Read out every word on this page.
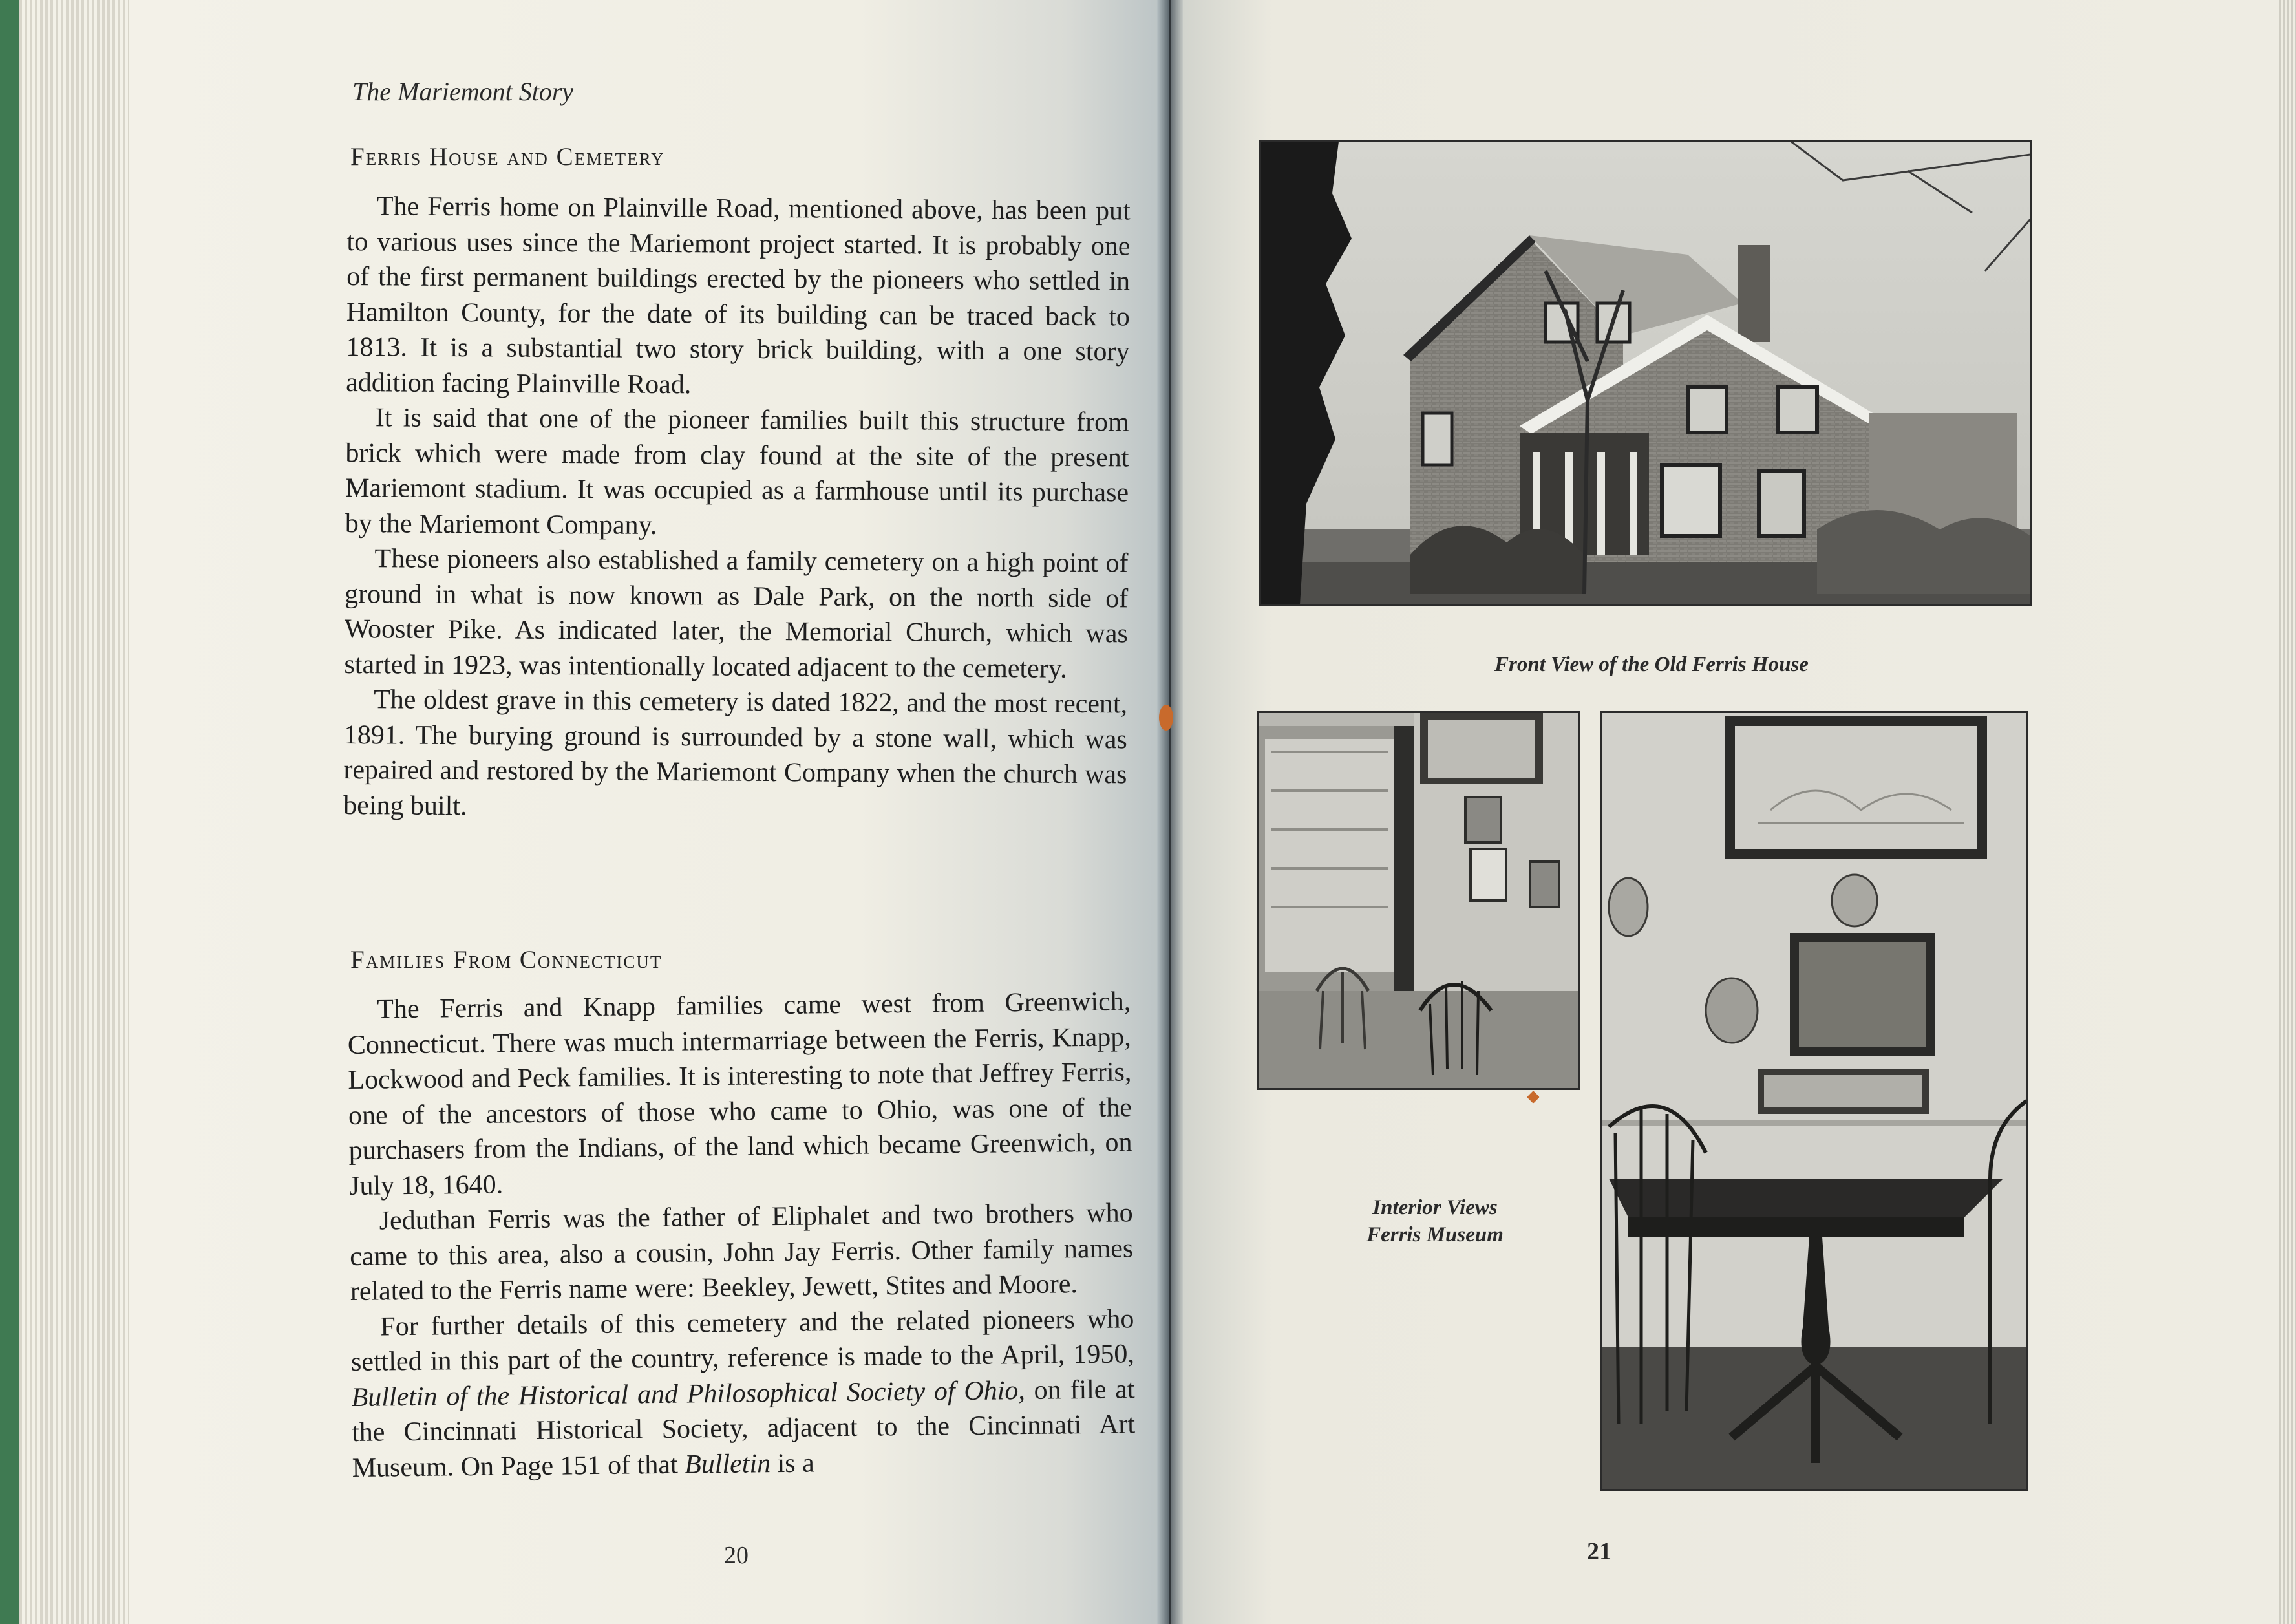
The Mariemont Story
Ferris House and Cemetery

The Ferris home on Plainville Road, mentioned above, has been put to various uses since the Mariemont project started. It is probably one of the first permanent buildings erected by the pioneers who settled in Hamilton County, for the date of its building can be traced back to 1813. It is a substantial two story brick building, with a one story addition facing Plainville Road.

It is said that one of the pioneer families built this structure from brick which were made from clay found at the site of the present Mariemont stadium. It was occupied as a farmhouse until its purchase by the Mariemont Company.

These pioneers also established a family cemetery on a high point of ground in what is now known as Dale Park, on the north side of Wooster Pike. As indicated later, the Memorial Church, which was started in 1923, was intentionally located adjacent to the cemetery.

The oldest grave in this cemetery is dated 1822, and the most recent, 1891. The burying ground is surrounded by a stone wall, which was repaired and restored by the Mariemont Company when the church was being built.

Families From Connecticut

The Ferris and Knapp families came west from Greenwich, Connecticut. There was much intermarriage between the Ferris, Knapp, Lockwood and Peck families. It is interesting to note that Jeffrey Ferris, one of the ancestors of those who came to Ohio, was one of the purchasers from the Indians, of the land which became Greenwich, on July 18, 1640.

Jeduthan Ferris was the father of Eliphalet and two brothers who came to this area, also a cousin, John Jay Ferris. Other family names related to the Ferris name were: Beekley, Jewett, Stites and Moore.

For further details of this cemetery and the related pioneers who settled in this part of the country, reference is made to the April, 1950, Bulletin of the Historical and Philosophical Society of Ohio, on file at the Cincinnati Historical Society, adjacent to the Cincinnati Art Museum. On Page 151 of that Bulletin is a

20
Front View of the Old Ferris House
Interior Views
Ferris Museum
21
